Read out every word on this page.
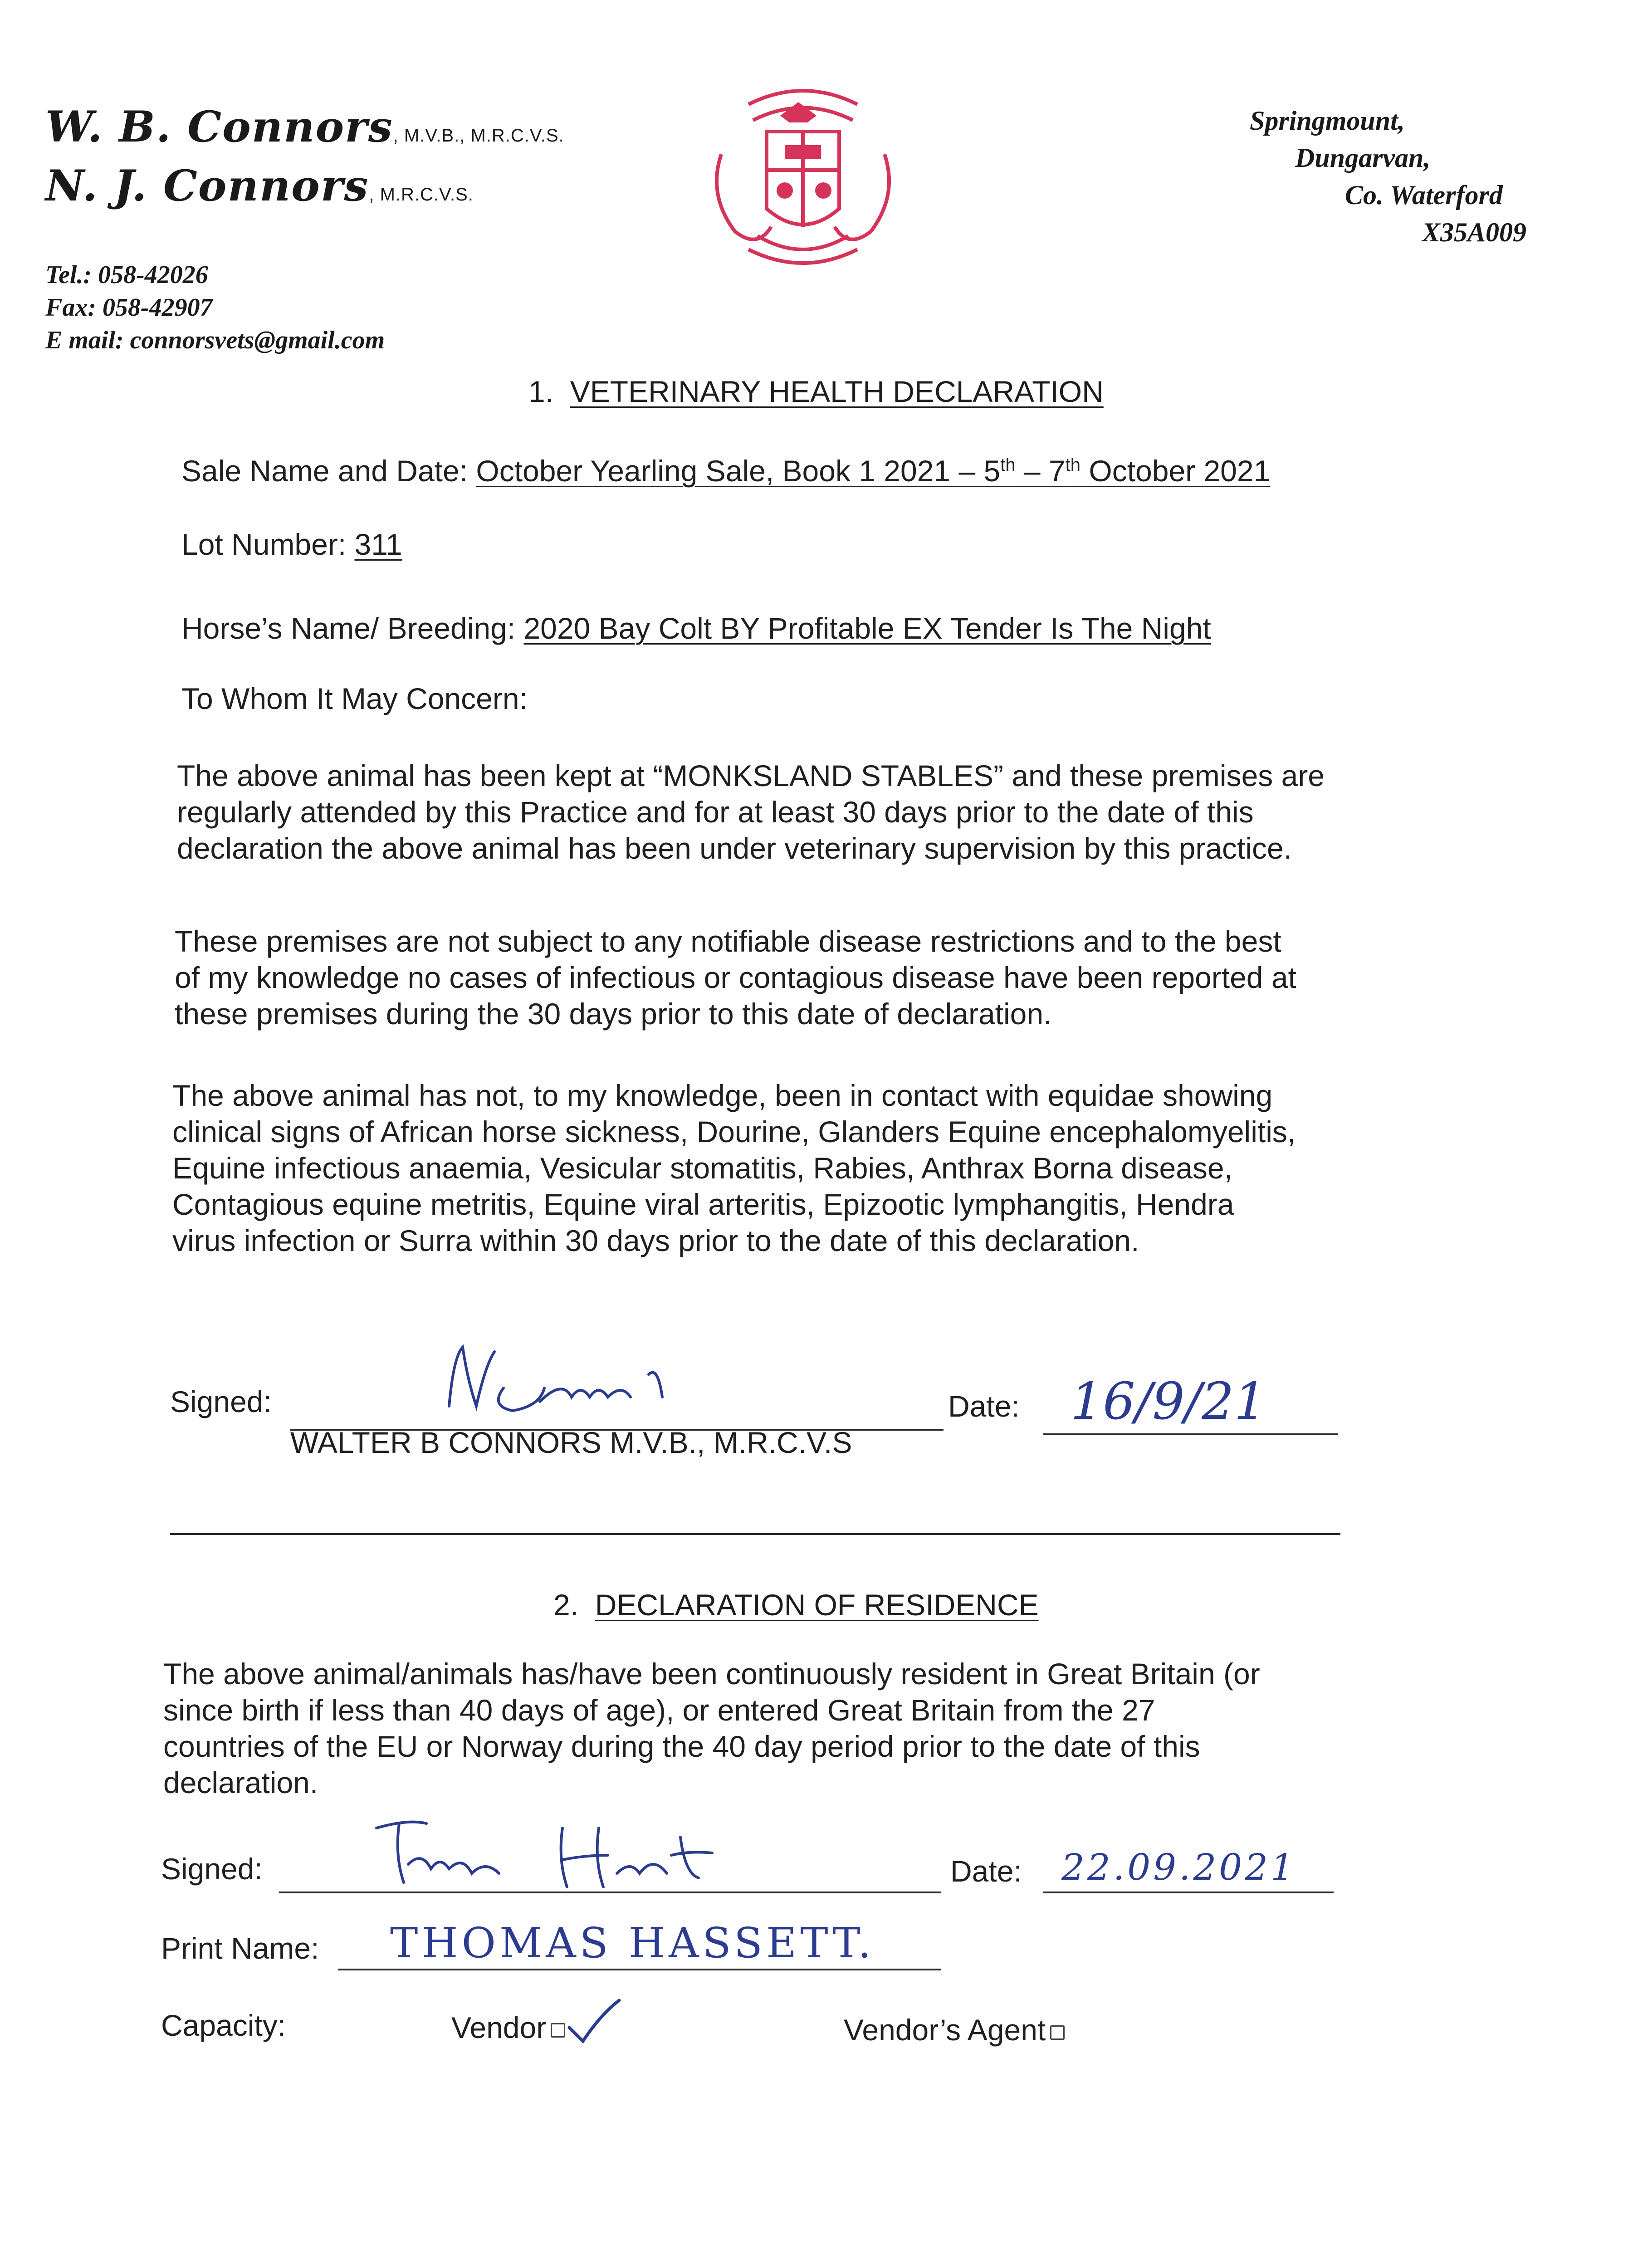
W. B. Connors, M.V.B., M.R.C.V.S.
N. J. Connors, M.R.C.V.S.
Tel.: 058-42026
Fax: 058-42907
E mail: connorsvets@gmail.com
Springmount,
Dungarvan,
Co. Waterford
X35A009
1. VETERINARY HEALTH DECLARATION
Sale Name and Date: October Yearling Sale, Book 1 2021 – 5th – 7th October 2021
Lot Number: 311
Horse’s Name/ Breeding: 2020 Bay Colt BY Profitable EX Tender Is The Night
To Whom It May Concern:
The above animal has been kept at “MONKSLAND STABLES” and these premises are
regularly attended by this Practice and for at least 30 days prior to the date of this
declaration the above animal has been under veterinary supervision by this practice.
These premises are not subject to any notifiable disease restrictions and to the best
of my knowledge no cases of infectious or contagious disease have been reported at
these premises during the 30 days prior to this date of declaration.
The above animal has not, to my knowledge, been in contact with equidae showing
clinical signs of African horse sickness, Dourine, Glanders Equine encephalomyelitis,
Equine infectious anaemia, Vesicular stomatitis, Rabies, Anthrax Borna disease,
Contagious equine metritis, Equine viral arteritis, Epizootic lymphangitis, Hendra
virus infection or Surra within 30 days prior to the date of this declaration.
Signed:	Date: 16/9/21
WALTER B CONNORS M.V.B., M.R.C.V.S
2. DECLARATION OF RESIDENCE
The above animal/animals has/have been continuously resident in Great Britain (or
since birth if less than 40 days of age), or entered Great Britain from the 27
countries of the EU or Norway during the 40 day period prior to the date of this
declaration.
Signed:	Date: 22.09.2021
Print Name: THOMAS HASSETT.
Capacity:	Vendor	Vendor’s Agent
